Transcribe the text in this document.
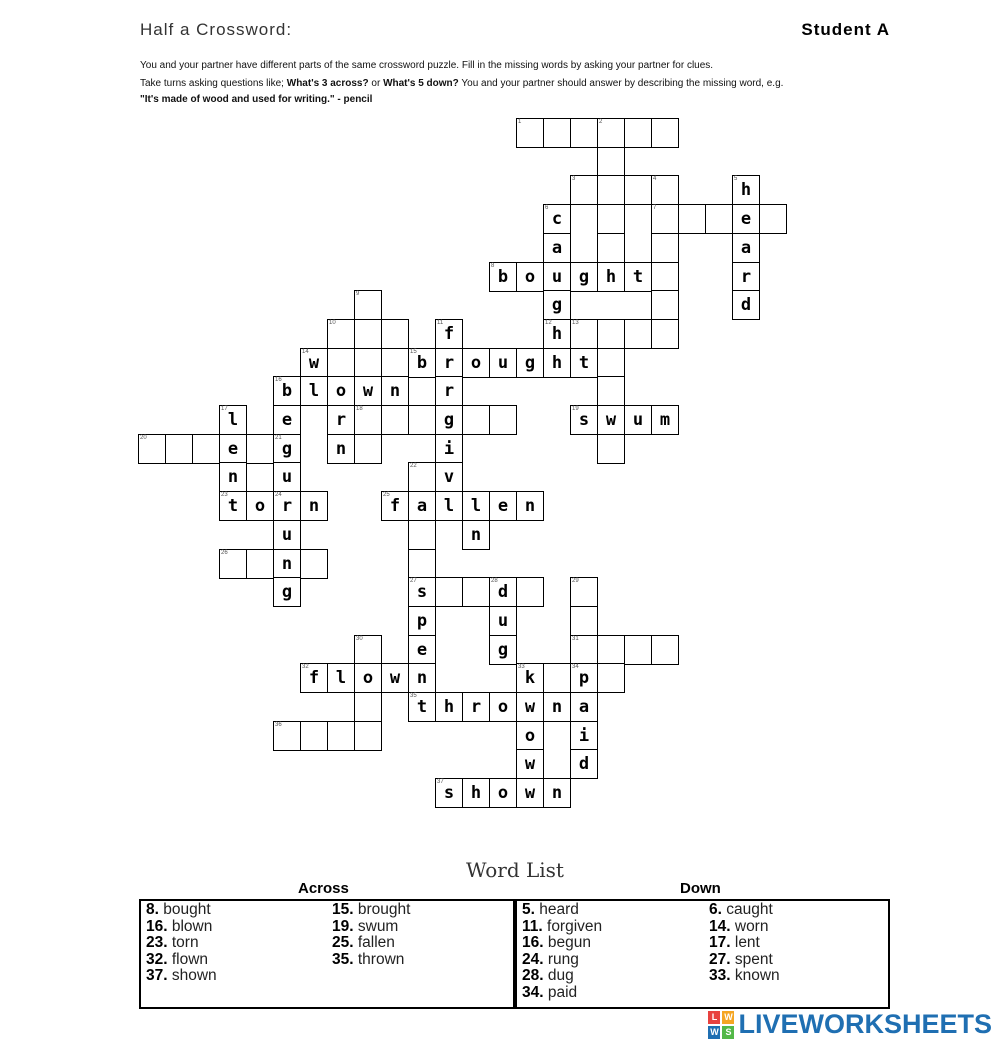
Half a Crossword:	Student A
You and your partner have different parts of the same crossword puzzle. Fill in the missing words by asking your partner for clues.
Take turns asking questions like; What's 3 across? or What's 5 down? You and your partner should answer by describing the missing word, e.g.
"It's made of wood and used for writing." - pencil
1	2
3	4	5
h
6
c
7
e
a	a
8
b o u g h t	r
9
g	d
10	11
f
12
h
13
14
w
15
b r o u g h t
16
b l o w n	r
17
l	e	r
18
g
19
s w u m
20
e
21
g	n	i
n	u
22
v
23
t o
24
r n
25
f a l l e n
u	n
26
n
g
27
s
28
d
29
p	u
30
e	g
31
32
f l o w n
33
k
34
p
35
t h r o w n a
36
o	i
w	d
37
s h o w n
Word List
Across	Down
8. bought
16. blown
23. torn
32. flown
37. shown
15. brought
19. swum
25. fallen
35. thrown
5. heard
11. forgiven
16. begun
24. rung
28. dug
34. paid
6. caught
14. worn
17. lent
27. spent
33. known
L W
W S LIVEWORKSHEETS
